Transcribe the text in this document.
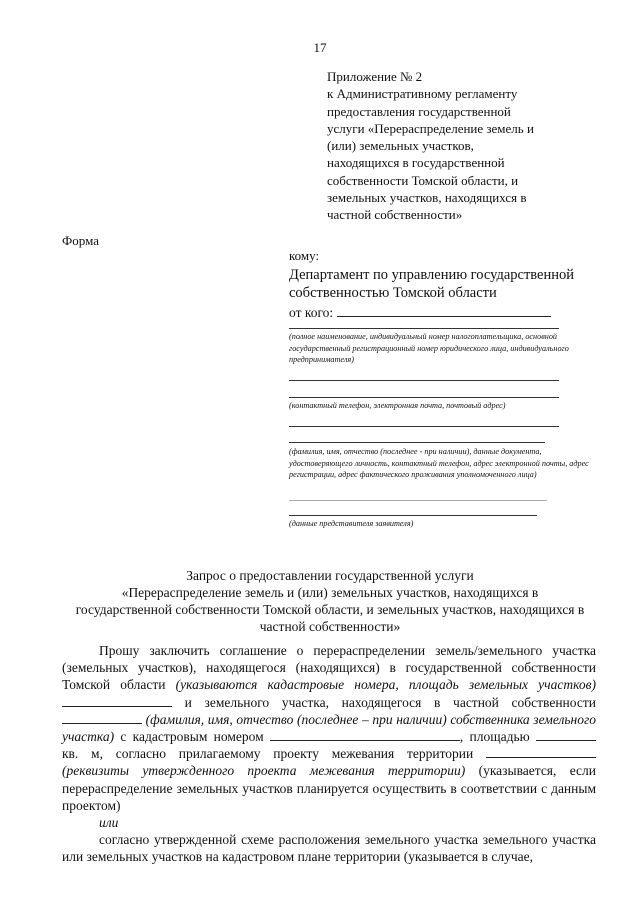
17
Приложение № 2
к Административному регламенту
предоставления государственной
услуги «Перераспределение земель и
(или) земельных участков,
находящихся в государственной
собственности Томской области, и
земельных участков, находящихся в
частной собственности»
Форма
кому:
Департамент по управлению государственной
собственностью Томской области
от кого:
(полное наименование, индивидуальный номер налогоплательщика, основной государственный регистрационный номер юридического лица, индивидуального предпринимателя)
(контактный телефон, электронная почта, почтовый адрес)
(фамилия, имя, отчество (последнее - при наличии), данные документа, удостоверяющего личность, контактный телефон, адрес электронной почты, адрес регистрации, адрес фактического проживания уполномоченного лица)
(данные представителя заявителя)
Запрос о предоставлении государственной услуги
«Перераспределение земель и (или) земельных участков, находящихся в
государственной собственности Томской области, и земельных участков, находящихся в
частной собственности»

Прошу заключить соглашение о перераспределении земель/земельного участка (земельных участков), находящегося (находящихся) в государственной собственности Томской области (указываются кадастровые номера, площадь земельных участков) и земельного участка, находящегося в частной собственности  (фамилия, имя, отчество (последнее – при наличии) собственника земельного участка) с кадастровым номером	, площадью  кв. м, согласно прилагаемому проекту межевания территории  (реквизиты утвержденного проекта межевания территории) (указывается, если перераспределение земельных участков планируется осуществить в соответствии с данным проектом)

или

согласно утвержденной схеме расположения земельного участка земельного участка или земельных участков на кадастровом плане территории (указывается в случае,
